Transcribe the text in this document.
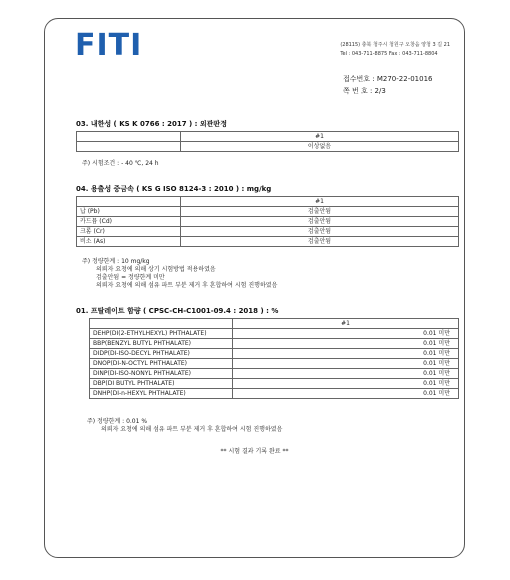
FITI	(28115) 충북 청주시 청원구 오창읍 양청 3 길 21
Tel : 043-711-8875 Fax : 043-711-8804
접수번호 : M270-22-01016
쪽 번 호 : 2/3
03. 내한성 ( KS K 0766 : 2017 ) : 외관판정
	#1
	이상없음
주) 시험조건 : - 40 ℃, 24 h
04. 용출성 중금속 ( KS G ISO 8124-3 : 2010 ) : mg/kg
	#1
납 (Pb)	검출안됨
카드뮴 (Cd)	검출안됨
크롬 (Cr)	검출안됨
비소 (As)	검출안됨
주) 정량한계 : 10 mg/kg
의뢰자 요청에 의해 상기 시험방법 적용하였음
검출안됨 = 정량한계 미만
의뢰자 요청에 의해 섬유 파트 부분 제거 후 혼합하여 시험 진행하였음
01. 프탈레이트 함량 ( CPSC-CH-C1001-09.4 : 2018 ) : %
	#1
DEHP(DI(2-ETHYLHEXYL) PHTHALATE)	0.01 미만
BBP(BENZYL BUTYL PHTHALATE)	0.01 미만
DIDP(DI-ISO-DECYL PHTHALATE)	0.01 미만
DNOP(DI-N-OCTYL PHTHALATE)	0.01 미만
DINP(DI-ISO-NONYL PHTHALATE)	0.01 미만
DBP(DI BUTYL PHTHALATE)	0.01 미만
DNHP(DI-n-HEXYL PHTHALATE)	0.01 미만
주) 정량한계 : 0.01 %
의뢰자 요청에 의해 섬유 파트 부분 제거 후 혼합하여 시험 진행하였음
** 시험 결과 기록 완료 **
